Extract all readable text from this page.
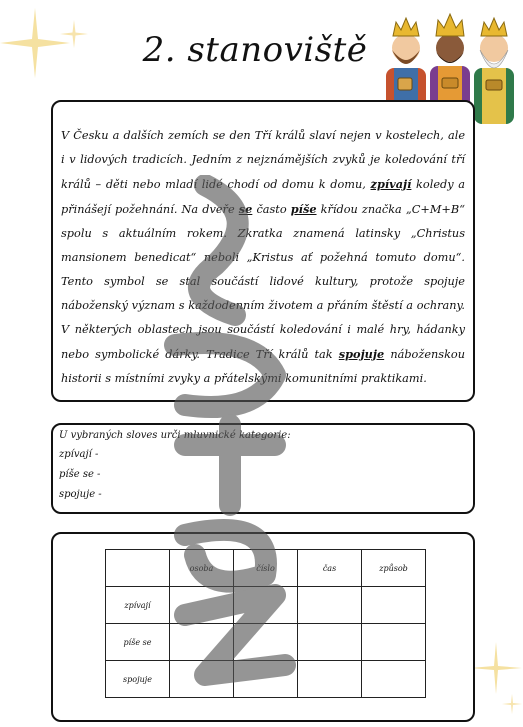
2. stanoviště
V Česku a dalších zemích se den Tří králů slaví nejen v kostelech, ale i v lidových tradicích. Jedním z nejznámějších zvyků je koledování tří králů – děti nebo mladí lidé chodí od domu k domu, zpívají koledy a přinášejí požehnání. Na dveře se často píše křídou značka „C+M+B“ spolu s aktuálním rokem. Zkratka znamená latinsky „Christus mansionem benedicat“ neboli „Kristus ať požehná tomuto domu“. Tento symbol se stal součástí lidové kultury, protože spojuje náboženský význam s každodenním životem a přáním štěstí a ochrany. V některých oblastech jsou součástí koledování i malé hry, hádanky nebo symbolické dárky. Tradice Tří králů tak spojuje náboženskou historii s místními zvyky a přátelskými komunitními praktikami.
U vybraných sloves urči mluvnické kategorie:
zpívají -
píše se -
spojuje -
	osoba	číslo	čas	způsob
zpívají				
píše se				
spojuje				
